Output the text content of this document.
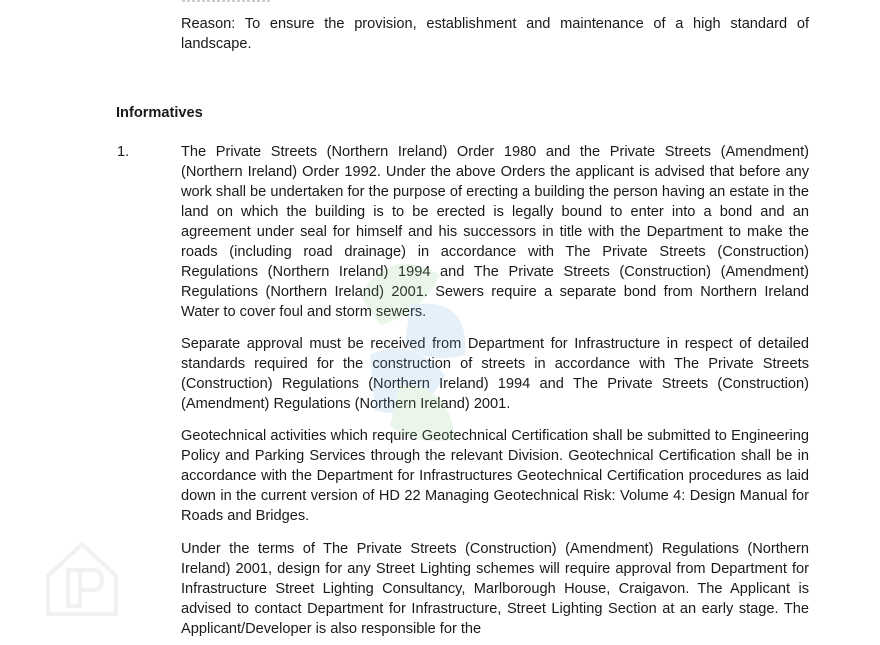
Reason: To ensure the provision, establishment and maintenance of a high standard of landscape.
Informatives
1.	The Private Streets (Northern Ireland) Order 1980 and the Private Streets (Amendment) (Northern Ireland) Order 1992. Under the above Orders the applicant is advised that before any work shall be undertaken for the purpose of erecting a building the person having an estate in the land on which the building is to be erected is legally bound to enter into a bond and an agreement under seal for himself and his successors in title with the Department to make the roads (including road drainage) in accordance with The Private Streets (Construction) Regulations (Northern Ireland) 1994 and The Private Streets (Construction) (Amendment) Regulations (Northern Ireland) 2001. Sewers require a separate bond from Northern Ireland Water to cover foul and storm sewers.
Separate approval must be received from Department for Infrastructure in respect of detailed standards required for the construction of streets in accordance with The Private Streets (Construction) Regulations (Northern Ireland) 1994 and The Private Streets (Construction) (Amendment) Regulations (Northern Ireland) 2001.
Geotechnical activities which require Geotechnical Certification shall be submitted to Engineering Policy and Parking Services through the relevant Division. Geotechnical Certification shall be in accordance with the Department for Infrastructures Geotechnical Certification procedures as laid down in the current version of HD 22 Managing Geotechnical Risk: Volume 4: Design Manual for Roads and Bridges.
Under the terms of The Private Streets (Construction) (Amendment) Regulations (Northern Ireland) 2001, design for any Street Lighting schemes will require approval from Department for Infrastructure Street Lighting Consultancy, Marlborough House, Craigavon. The Applicant is advised to contact Department for Infrastructure, Street Lighting Section at an early stage. The Applicant/Developer is also responsible for the
